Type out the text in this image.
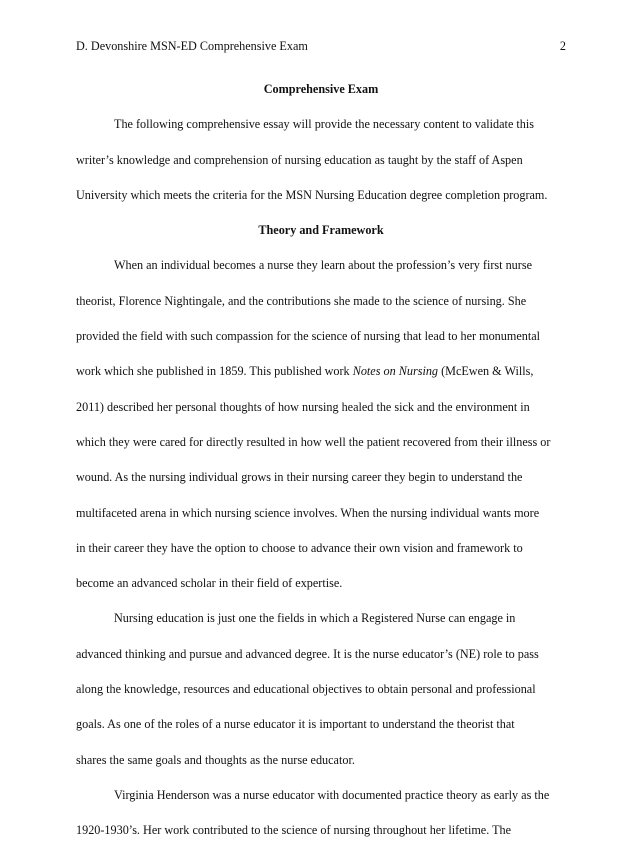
D. Devonshire MSN-ED Comprehensive Exam	2
Comprehensive Exam
The following comprehensive essay will provide the necessary content to validate this
writer’s knowledge and comprehension of nursing education as taught by the staff of Aspen
University which meets the criteria for the MSN Nursing Education degree completion program.
Theory and Framework
When an individual becomes a nurse they learn about the profession’s very first nurse
theorist, Florence Nightingale, and the contributions she made to the science of nursing. She
provided the field with such compassion for the science of nursing that lead to her monumental
work which she published in 1859. This published work Notes on Nursing (McEwen & Wills,
2011) described her personal thoughts of how nursing healed the sick and the environment in
which they were cared for directly resulted in how well the patient recovered from their illness or
wound. As the nursing individual grows in their nursing career they begin to understand the
multifaceted arena in which nursing science involves. When the nursing individual wants more
in their career they have the option to choose to advance their own vision and framework to
become an advanced scholar in their field of expertise.
Nursing education is just one the fields in which a Registered Nurse can engage in
advanced thinking and pursue and advanced degree. It is the nurse educator’s (NE) role to pass
along the knowledge, resources and educational objectives to obtain personal and professional
goals. As one of the roles of a nurse educator it is important to understand the theorist that
shares the same goals and thoughts as the nurse educator.
Virginia Henderson was a nurse educator with documented practice theory as early as the
1920-1930’s. Her work contributed to the science of nursing throughout her lifetime. The
